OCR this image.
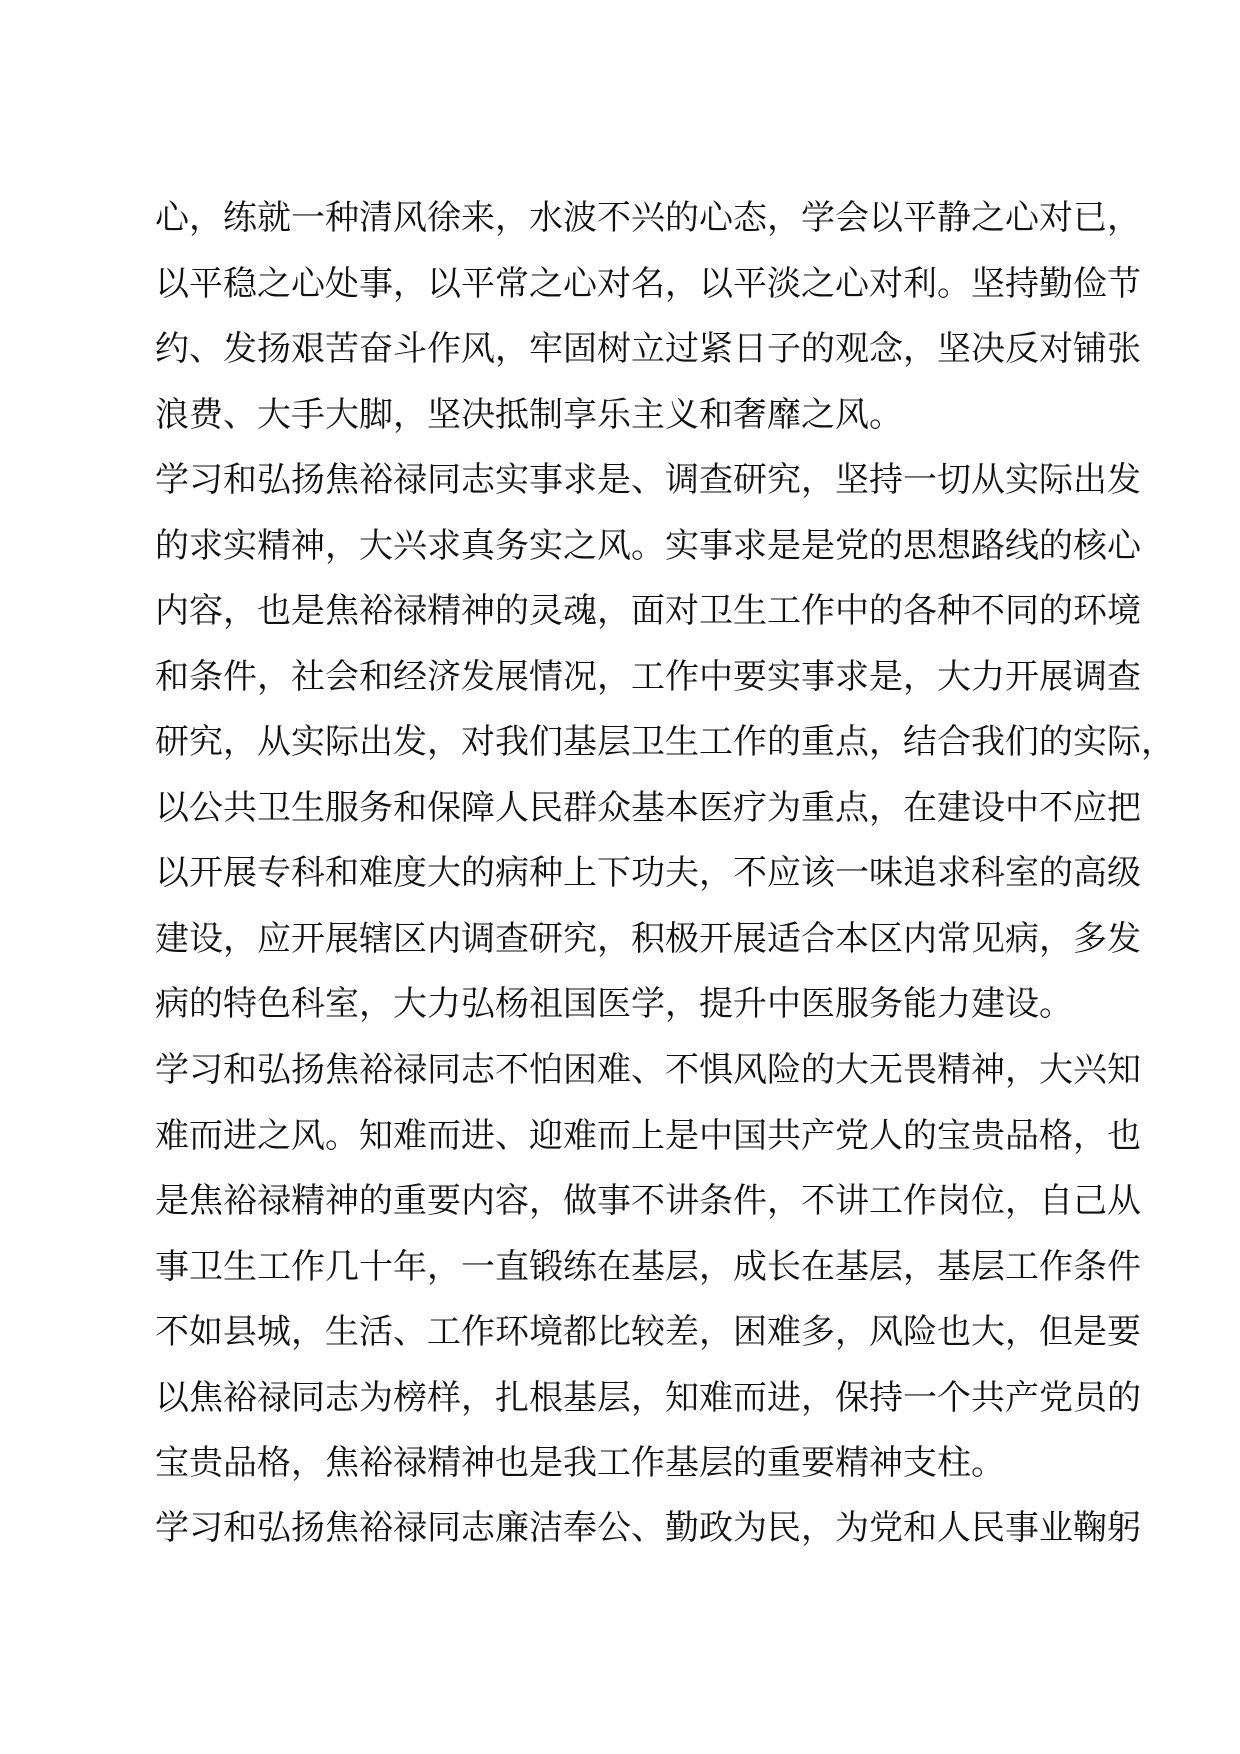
心，练就一种清风徐来，水波不兴的心态，学会以平静之心对已，
以平稳之心处事，以平常之心对名，以平淡之心对利。坚持勤俭节
约、发扬艰苦奋斗作风，牢固树立过紧日子的观念，坚决反对铺张
浪费、大手大脚，坚决抵制享乐主义和奢靡之风。
学习和弘扬焦裕禄同志实事求是、调查研究，坚持一切从实际出发
的求实精神，大兴求真务实之风。实事求是是党的思想路线的核心
内容，也是焦裕禄精神的灵魂，面对卫生工作中的各种不同的环境
和条件，社会和经济发展情况，工作中要实事求是，大力开展调查
研究，从实际出发，对我们基层卫生工作的重点，结合我们的实际，
以公共卫生服务和保障人民群众基本医疗为重点，在建设中不应把
以开展专科和难度大的病种上下功夫，不应该一味追求科室的高级
建设，应开展辖区内调查研究，积极开展适合本区内常见病，多发
病的特色科室，大力弘杨祖国医学，提升中医服务能力建设。
学习和弘扬焦裕禄同志不怕困难、不惧风险的大无畏精神，大兴知
难而进之风。知难而进、迎难而上是中国共产党人的宝贵品格，也
是焦裕禄精神的重要内容，做事不讲条件，不讲工作岗位，自己从
事卫生工作几十年，一直锻练在基层，成长在基层，基层工作条件
不如县城，生活、工作环境都比较差，困难多，风险也大，但是要
以焦裕禄同志为榜样，扎根基层，知难而进，保持一个共产党员的
宝贵品格，焦裕禄精神也是我工作基层的重要精神支柱。
学习和弘扬焦裕禄同志廉洁奉公、勤政为民，为党和人民事业鞠躬
